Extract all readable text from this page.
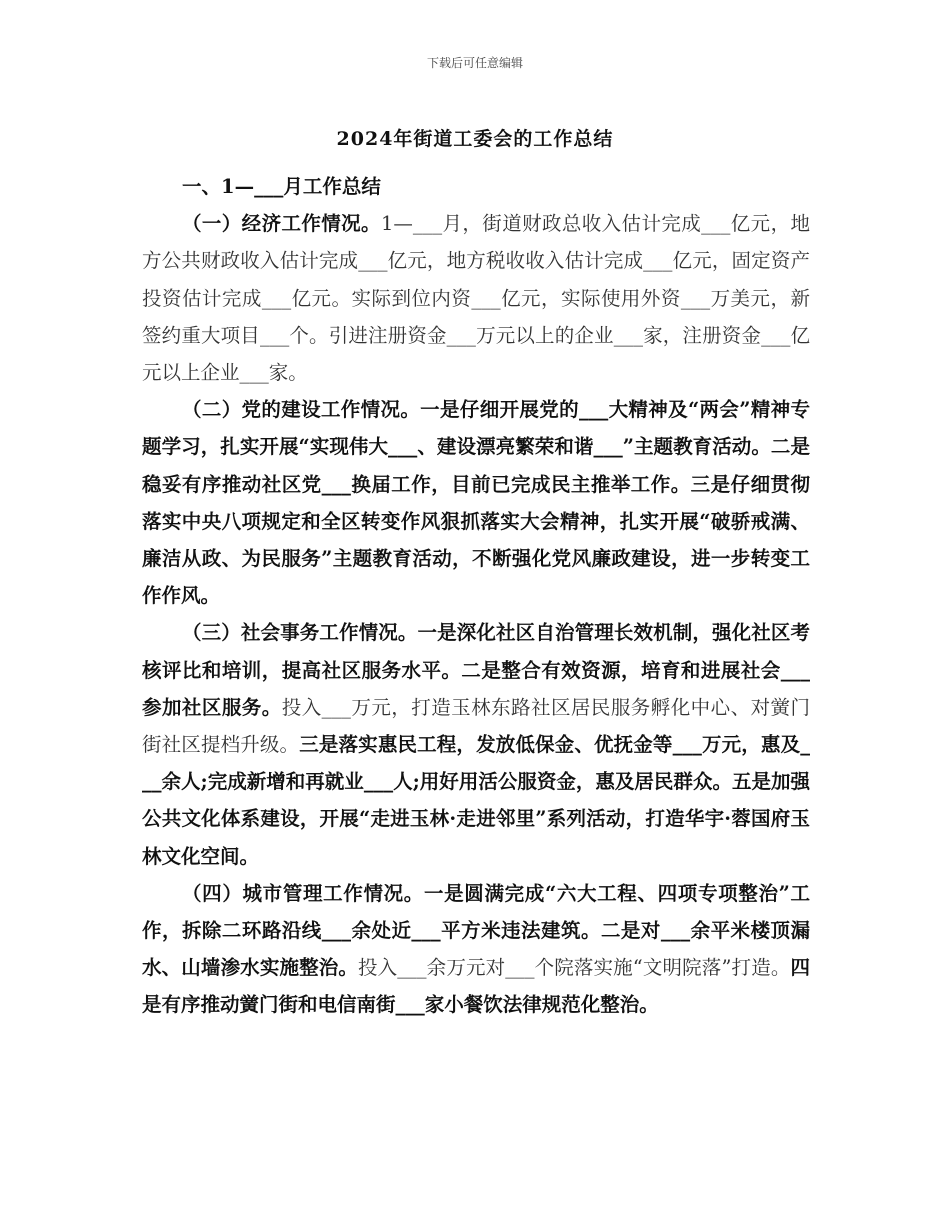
下载后可任意编辑
2024年街道工委会的工作总结

一、1—___月工作总结

（一）经济工作情况。1—___月，街道财政总收入估计完成___亿元，地方公共财政收入估计完成___亿元，地方税收收入估计完成___亿元，固定资产投资估计完成___亿元。实际到位内资___亿元，实际使用外资___万美元，新签约重大项目___个。引进注册资金___万元以上的企业___家，注册资金___亿元以上企业___家。

（二）党的建设工作情况。一是仔细开展党的___大精神及“两会”精神专题学习，扎实开展“实现伟大___、建设漂亮繁荣和谐___”主题教育活动。二是稳妥有序推动社区党___换届工作，目前已完成民主推举工作。三是仔细贯彻落实中央八项规定和全区转变作风狠抓落实大会精神，扎实开展“破骄戒满、廉洁从政、为民服务”主题教育活动，不断强化党风廉政建设，进一步转变工作作风。

（三）社会事务工作情况。一是深化社区自治管理长效机制，强化社区考核评比和培训，提高社区服务水平。二是整合有效资源，培育和进展社会___参加社区服务。投入___万元，打造玉林东路社区居民服务孵化中心、对黉门街社区提档升级。三是落实惠民工程，发放低保金、优抚金等___万元，惠及___余人;完成新增和再就业___人;用好用活公服资金，惠及居民群众。五是加强公共文化体系建设，开展“走进玉林·走进邻里”系列活动，打造华宇·蓉国府玉林文化空间。

（四）城市管理工作情况。一是圆满完成“六大工程、四项专项整治”工作，拆除二环路沿线___余处近___平方米违法建筑。二是对___余平米楼顶漏水、山墙渗水实施整治。投入___余万元对___个院落实施“文明院落”打造。四是有序推动黉门街和电信南街___家小餐饮法律规范化整治。
